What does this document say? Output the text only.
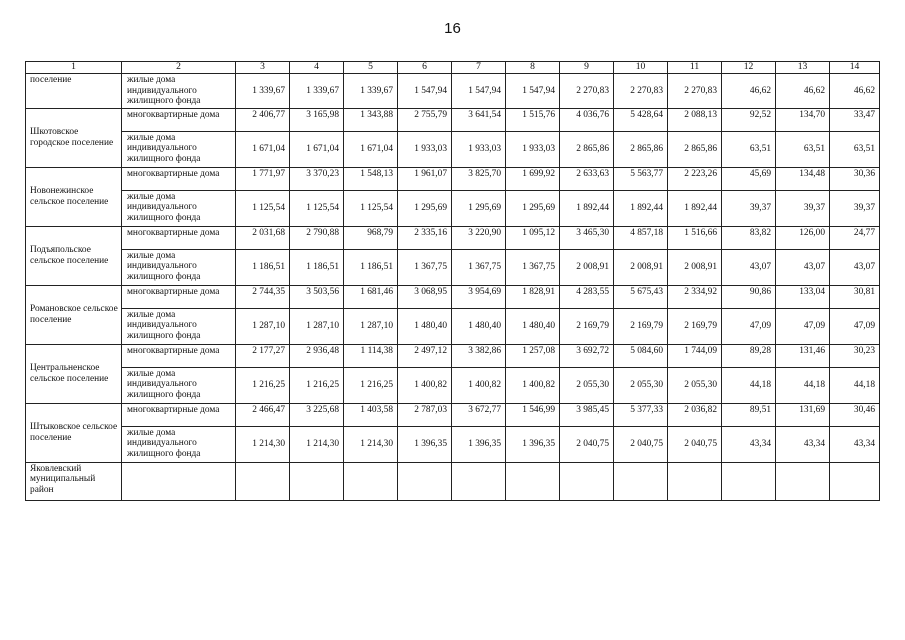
16
1	2	3	4	5	6	7	8	9	10	11	12	13	14
поселение	жилые дома индивидуального жилищного фонда	1 339,67	1 339,67	1 339,67	1 547,94	1 547,94	1 547,94	2 270,83	2 270,83	2 270,83	46,62	46,62	46,62
Шкотовское городское поселение	многоквартирные дома	2 406,77	3 165,98	1 343,88	2 755,79	3 641,54	1 515,76	4 036,76	5 428,64	2 088,13	92,52	134,70	33,47
	жилые дома индивидуального жилищного фонда	1 671,04	1 671,04	1 671,04	1 933,03	1 933,03	1 933,03	2 865,86	2 865,86	2 865,86	63,51	63,51	63,51
Новонежинское сельское поселение	многоквартирные дома	1 771,97	3 370,23	1 548,13	1 961,07	3 825,70	1 699,92	2 633,63	5 563,77	2 223,26	45,69	134,48	30,36
	жилые дома индивидуального жилищного фонда	1 125,54	1 125,54	1 125,54	1 295,69	1 295,69	1 295,69	1 892,44	1 892,44	1 892,44	39,37	39,37	39,37
Подъяпольское сельское поселение	многоквартирные дома	2 031,68	2 790,88	968,79	2 335,16	3 220,90	1 095,12	3 465,30	4 857,18	1 516,66	83,82	126,00	24,77
	жилые дома индивидуального жилищного фонда	1 186,51	1 186,51	1 186,51	1 367,75	1 367,75	1 367,75	2 008,91	2 008,91	2 008,91	43,07	43,07	43,07
Романовское сельское поселение	многоквартирные дома	2 744,35	3 503,56	1 681,46	3 068,95	3 954,69	1 828,91	4 283,55	5 675,43	2 334,92	90,86	133,04	30,81
	жилые дома индивидуального жилищного фонда	1 287,10	1 287,10	1 287,10	1 480,40	1 480,40	1 480,40	2 169,79	2 169,79	2 169,79	47,09	47,09	47,09
Центральненское сельское поселение	многоквартирные дома	2 177,27	2 936,48	1 114,38	2 497,12	3 382,86	1 257,08	3 692,72	5 084,60	1 744,09	89,28	131,46	30,23
	жилые дома индивидуального жилищного фонда	1 216,25	1 216,25	1 216,25	1 400,82	1 400,82	1 400,82	2 055,30	2 055,30	2 055,30	44,18	44,18	44,18
Штыковское сельское поселение	многоквартирные дома	2 466,47	3 225,68	1 403,58	2 787,03	3 672,77	1 546,99	3 985,45	5 377,33	2 036,82	89,51	131,69	30,46
	жилые дома индивидуального жилищного фонда	1 214,30	1 214,30	1 214,30	1 396,35	1 396,35	1 396,35	2 040,75	2 040,75	2 040,75	43,34	43,34	43,34
Яковлевский муниципальный район													
